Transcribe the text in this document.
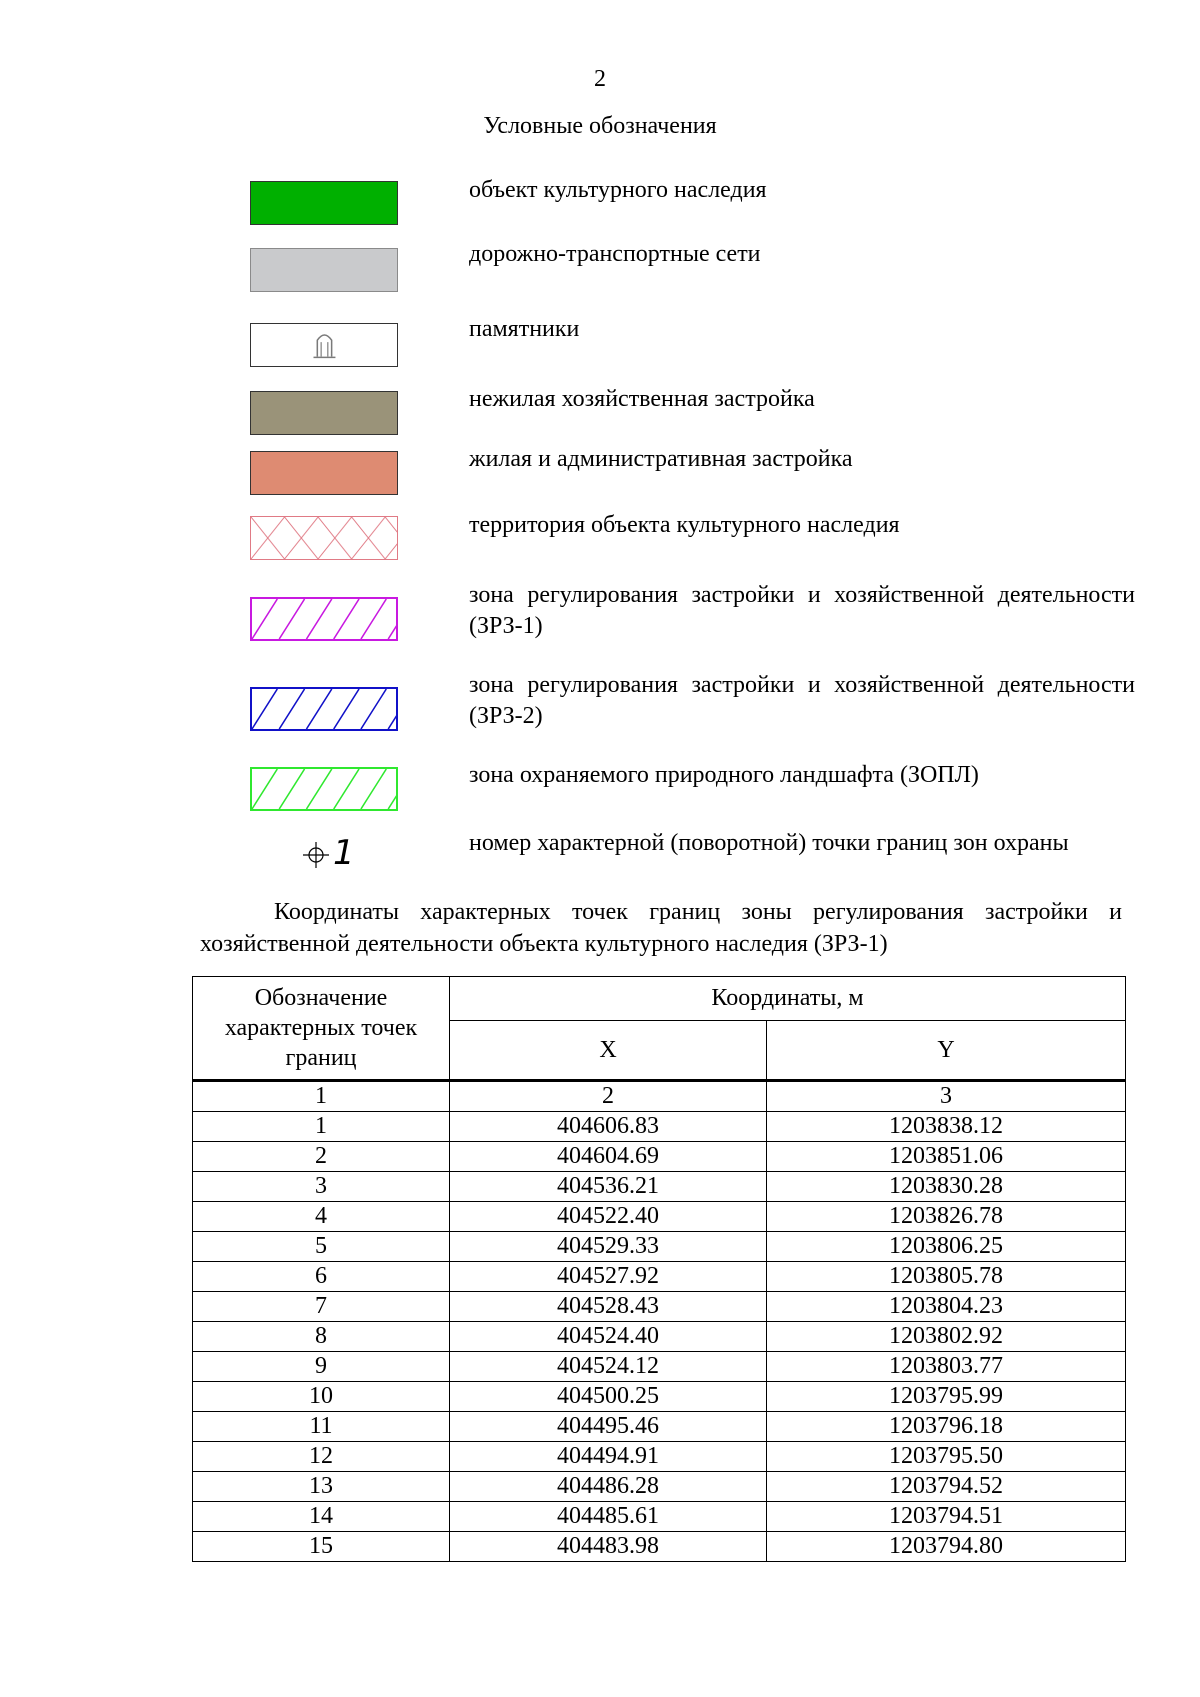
2
Условные обозначения
объект культурного наследия
дорожно-транспортные сети
памятники
нежилая хозяйственная застройка
жилая и административная застройка
территория объекта культурного наследия
зона регулирования застройки и хозяйственной деятельности (ЗРЗ-1)
зона регулирования застройки и хозяйственной деятельности (ЗРЗ-2)
зона охраняемого природного ландшафта (ЗОПЛ)
1	номер характерной (поворотной) точки границ зон охраны
Координаты характерных точек границ зоны регулирования застройки и хозяйственной деятельности объекта культурного наследия (ЗРЗ-1)
Обозначение характерных точек границ	Координаты, м	
	X	Y
1	2	3
1	404606.83	1203838.12
2	404604.69	1203851.06
3	404536.21	1203830.28
4	404522.40	1203826.78
5	404529.33	1203806.25
6	404527.92	1203805.78
7	404528.43	1203804.23
8	404524.40	1203802.92
9	404524.12	1203803.77
10	404500.25	1203795.99
11	404495.46	1203796.18
12	404494.91	1203795.50
13	404486.28	1203794.52
14	404485.61	1203794.51
15	404483.98	1203794.80
